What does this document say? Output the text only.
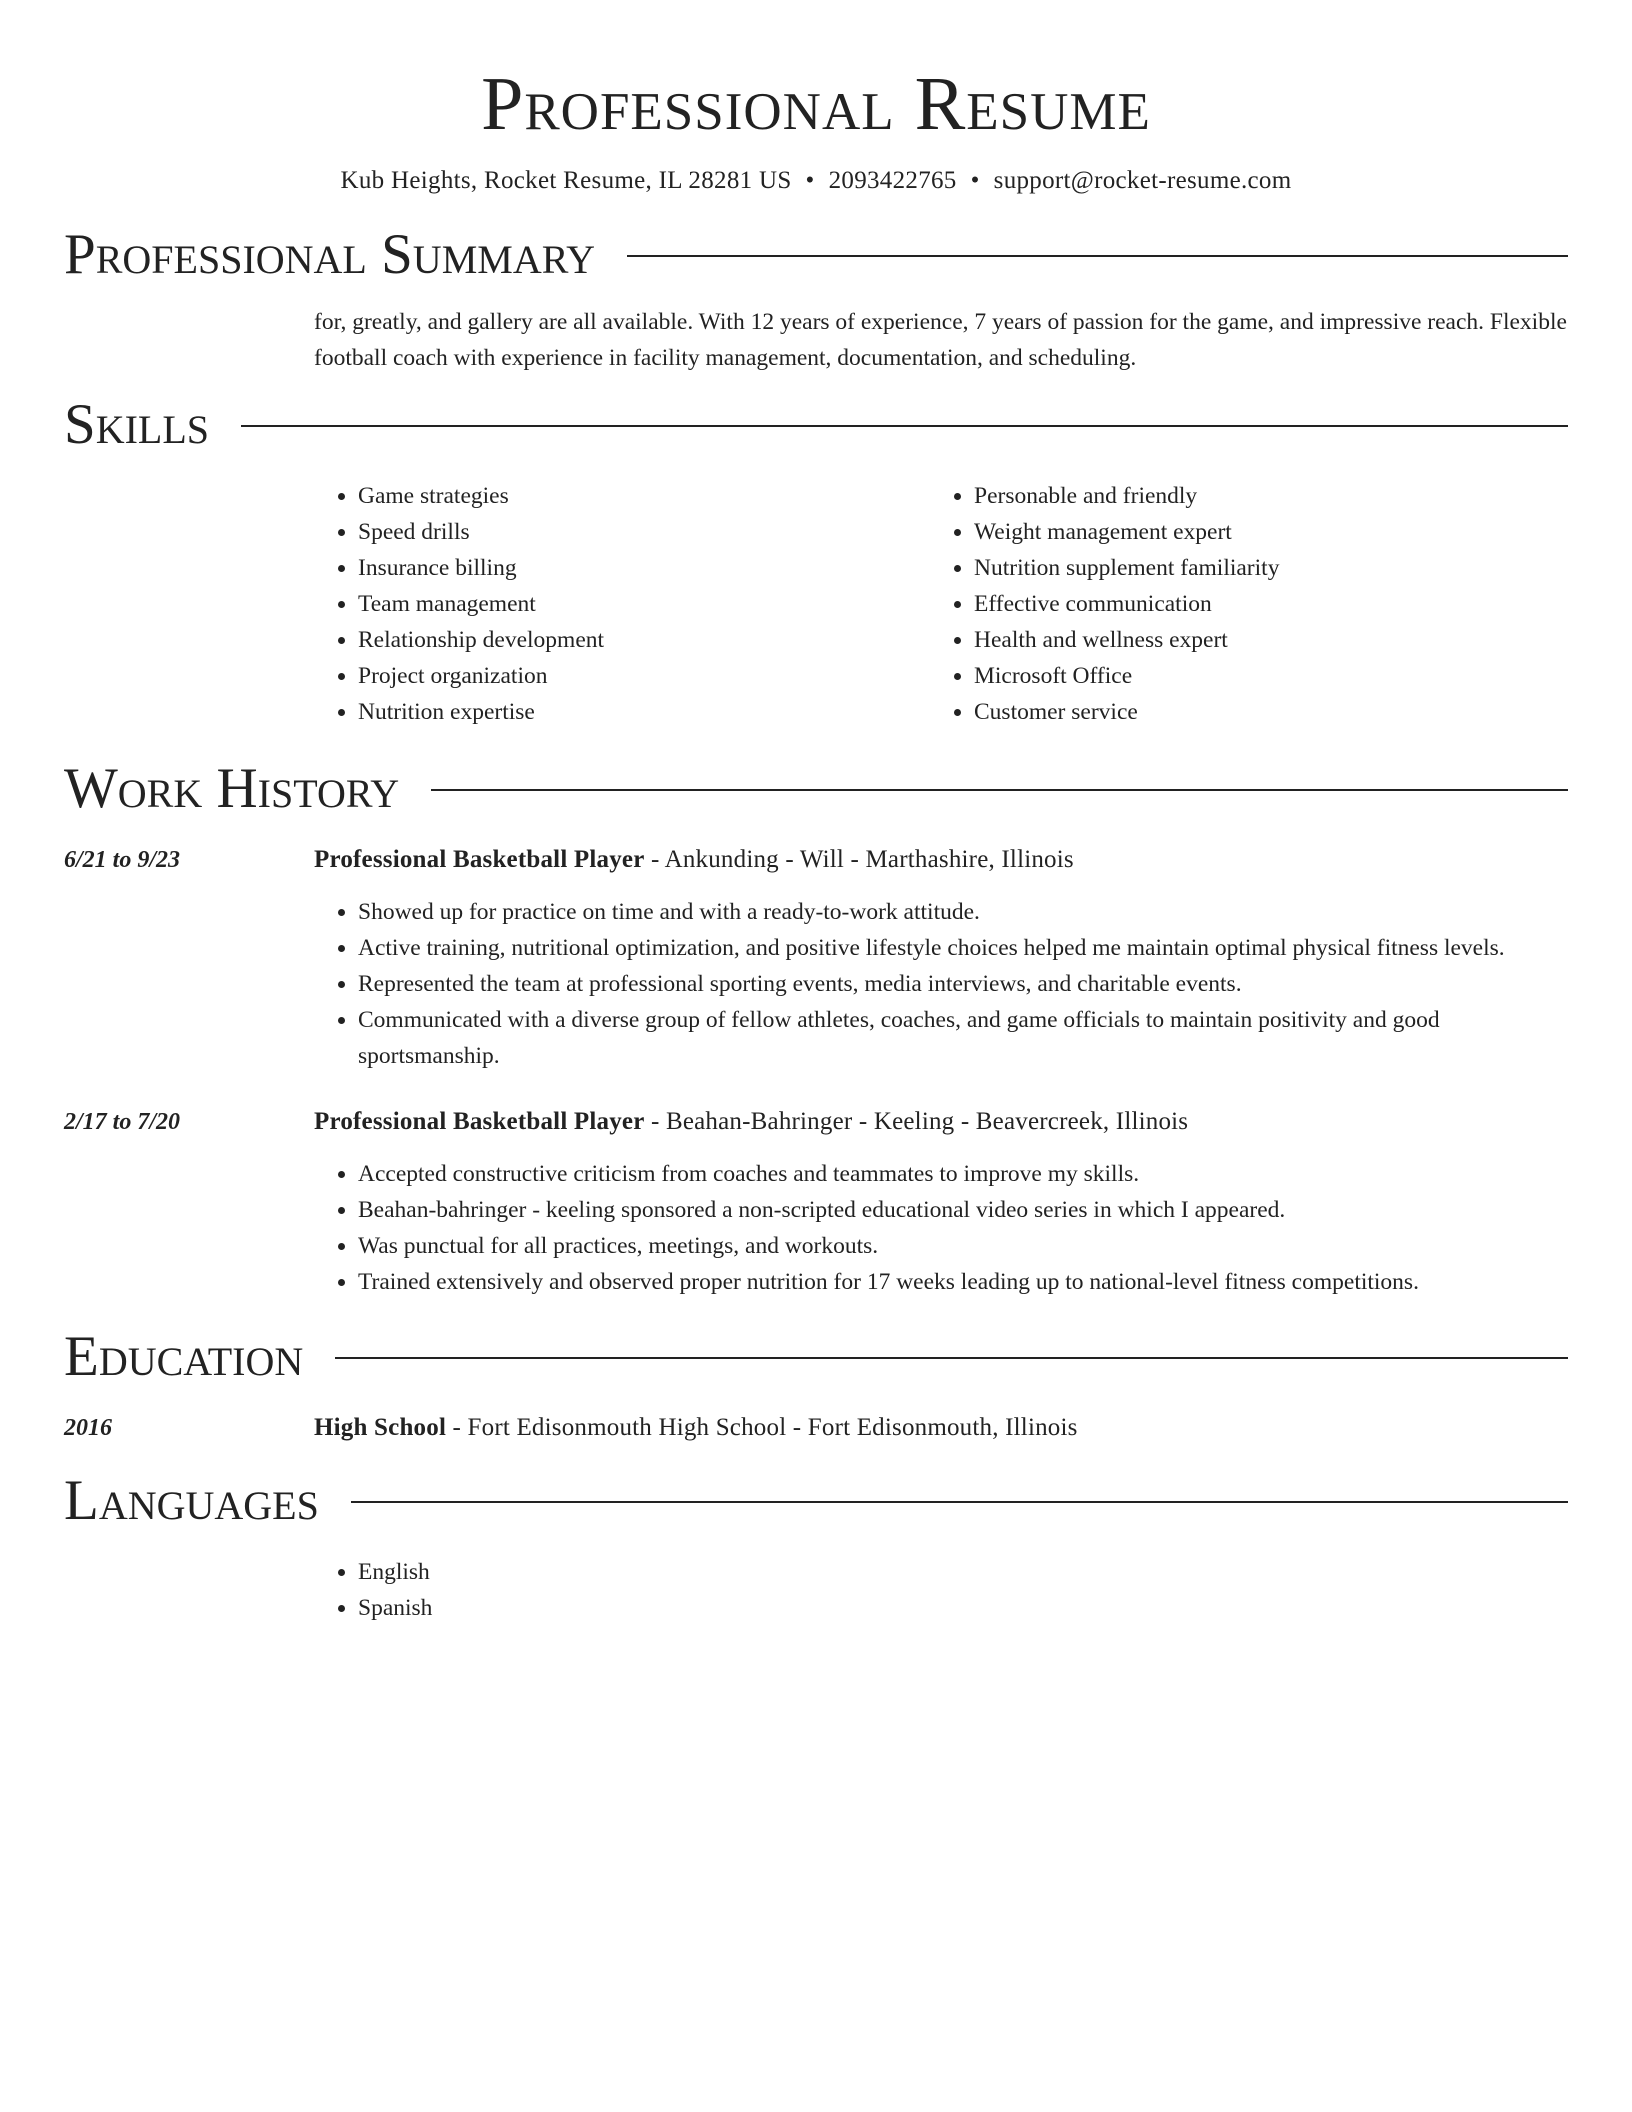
Professional Resume
Kub Heights, Rocket Resume, IL 28281 US • 2093422765 • support@rocket-resume.com
Professional Summary
for, greatly, and gallery are all available. With 12 years of experience, 7 years of passion for the game, and impressive reach. Flexible football coach with experience in facility management, documentation, and scheduling.
Skills
• Game strategies
• Speed drills
• Insurance billing
• Team management
• Relationship development
• Project organization
• Nutrition expertise
• Personable and friendly
• Weight management expert
• Nutrition supplement familiarity
• Effective communication
• Health and wellness expert
• Microsoft Office
• Customer service
Work History
6/21 to 9/23	Professional Basketball Player - Ankunding - Will - Marthashire, Illinois
• Showed up for practice on time and with a ready-to-work attitude.
• Active training, nutritional optimization, and positive lifestyle choices helped me maintain optimal physical fitness levels.
• Represented the team at professional sporting events, media interviews, and charitable events.
• Communicated with a diverse group of fellow athletes, coaches, and game officials to maintain positivity and good sportsmanship.
2/17 to 7/20	Professional Basketball Player - Beahan-Bahringer - Keeling - Beavercreek, Illinois
• Accepted constructive criticism from coaches and teammates to improve my skills.
• Beahan-bahringer - keeling sponsored a non-scripted educational video series in which I appeared.
• Was punctual for all practices, meetings, and workouts.
• Trained extensively and observed proper nutrition for 17 weeks leading up to national-level fitness competitions.
Education
2016	High School - Fort Edisonmouth High School - Fort Edisonmouth, Illinois
Languages
• English
• Spanish
